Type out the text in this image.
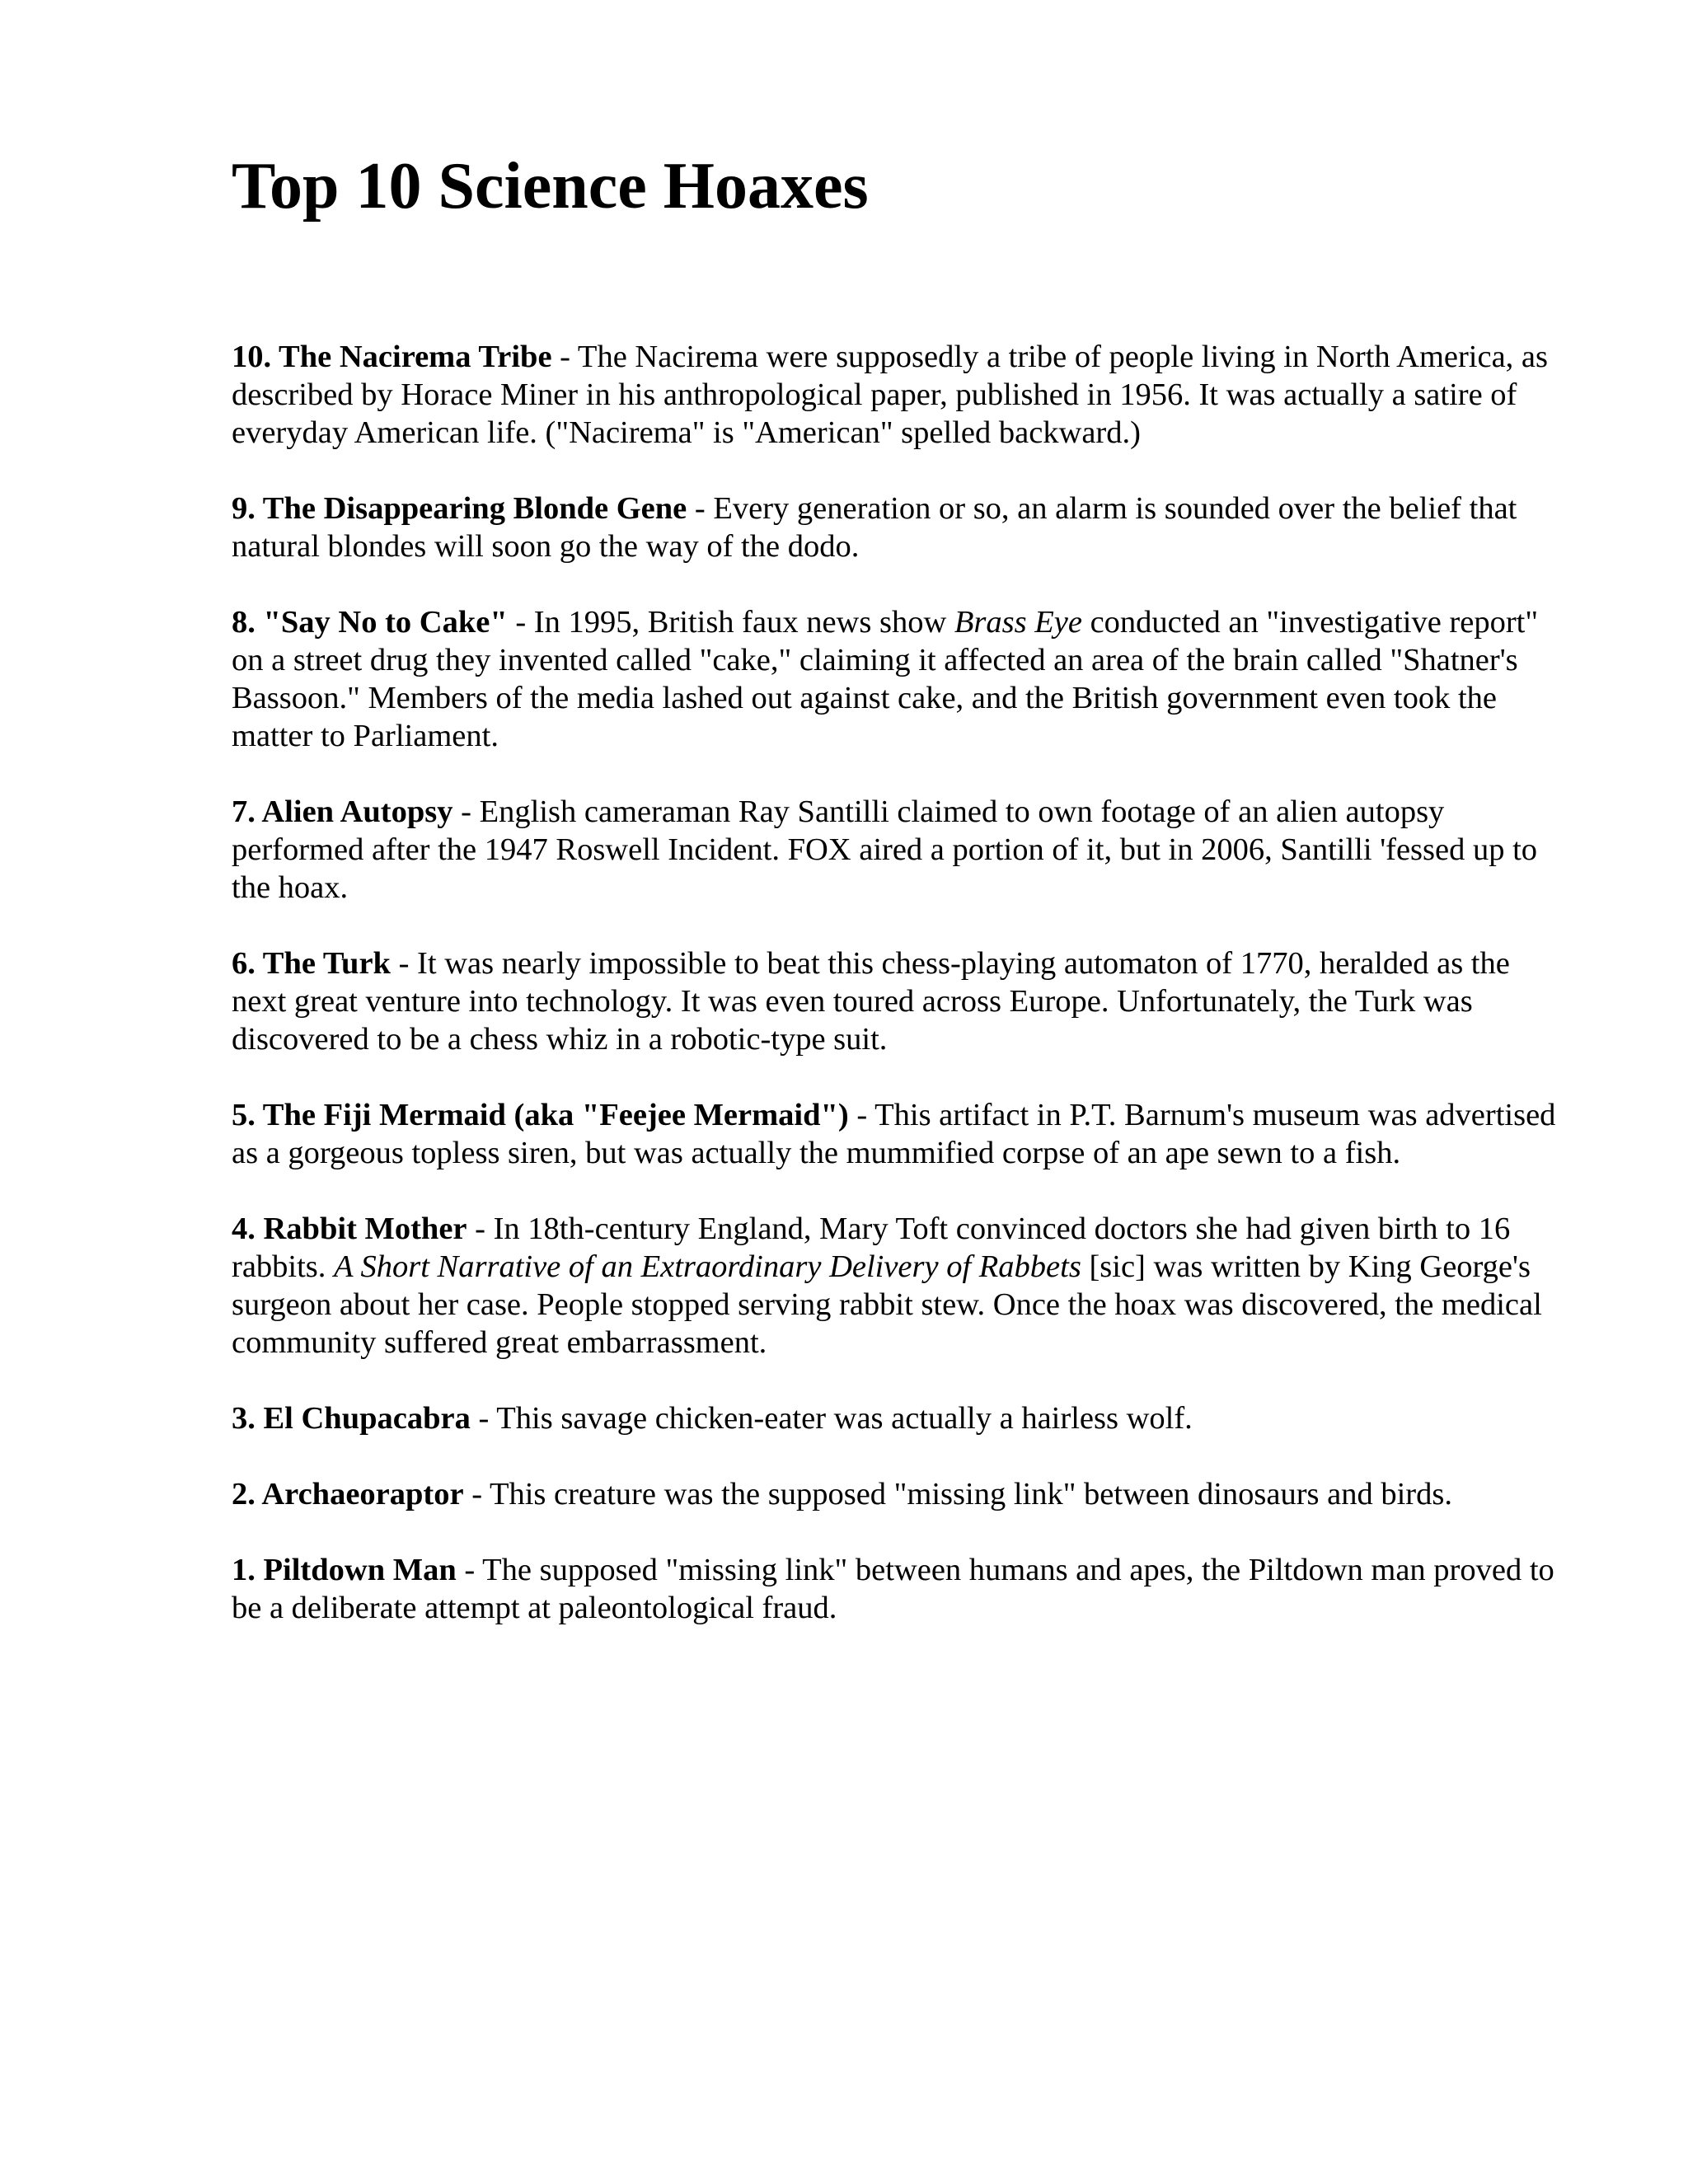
Top 10 Science Hoaxes

10. The Nacirema Tribe - The Nacirema were supposedly a tribe of people living in North America, as described by Horace Miner in his anthropological paper, published in 1956. It was actually a satire of everyday American life. ("Nacirema" is "American" spelled backward.)

9. The Disappearing Blonde Gene - Every generation or so, an alarm is sounded over the belief that natural blondes will soon go the way of the dodo.

8. "Say No to Cake" - In 1995, British faux news show Brass Eye conducted an "investigative report" on a street drug they invented called "cake," claiming it affected an area of the brain called "Shatner's Bassoon." Members of the media lashed out against cake, and the British government even took the matter to Parliament.

7. Alien Autopsy - English cameraman Ray Santilli claimed to own footage of an alien autopsy performed after the 1947 Roswell Incident. FOX aired a portion of it, but in 2006, Santilli 'fessed up to the hoax.

6. The Turk - It was nearly impossible to beat this chess-playing automaton of 1770, heralded as the next great venture into technology. It was even toured across Europe. Unfortunately, the Turk was discovered to be a chess whiz in a robotic-type suit.

5. The Fiji Mermaid (aka "Feejee Mermaid") - This artifact in P.T. Barnum's museum was advertised as a gorgeous topless siren, but was actually the mummified corpse of an ape sewn to a fish.

4. Rabbit Mother - In 18th-century England, Mary Toft convinced doctors she had given birth to 16 rabbits. A Short Narrative of an Extraordinary Delivery of Rabbets [sic] was written by King George's surgeon about her case. People stopped serving rabbit stew. Once the hoax was discovered, the medical community suffered great embarrassment.

3. El Chupacabra - This savage chicken-eater was actually a hairless wolf.

2. Archaeoraptor - This creature was the supposed "missing link" between dinosaurs and birds.

1. Piltdown Man - The supposed "missing link" between humans and apes, the Piltdown man proved to be a deliberate attempt at paleontological fraud.
